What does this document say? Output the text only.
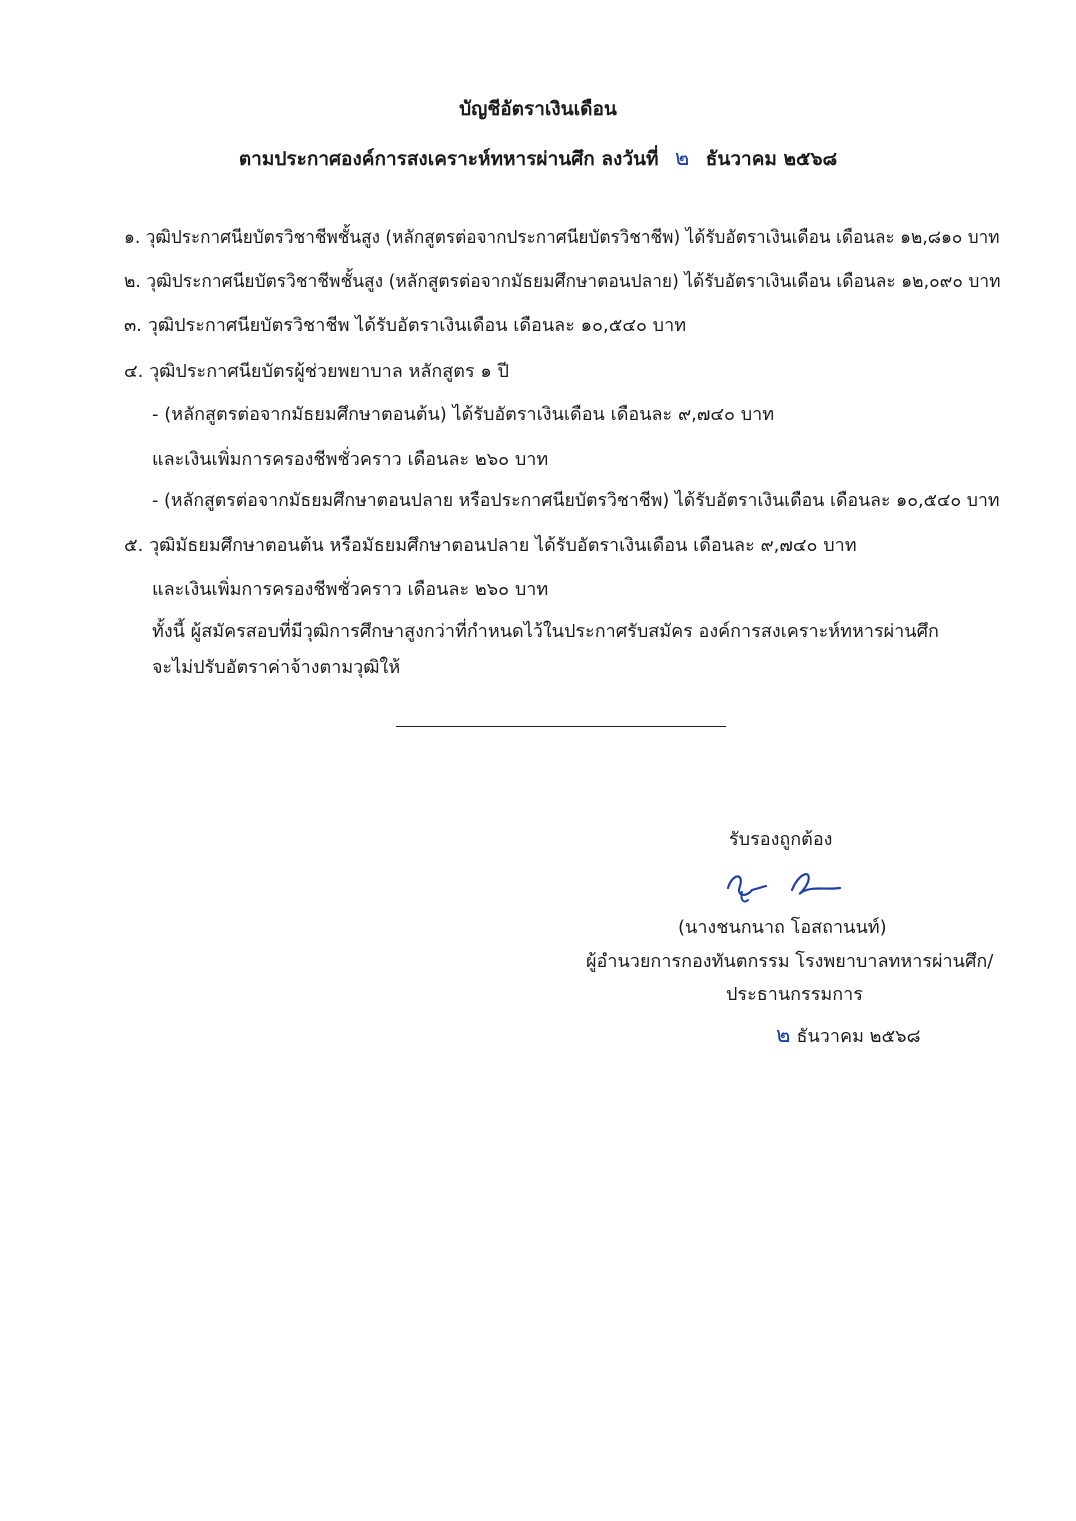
บัญชีอัตราเงินเดือน
ตามประกาศองค์การสงเคราะห์ทหารผ่านศึก ลงวันที่ ๒ ธันวาคม ๒๕๖๘
๑. วุฒิประกาศนียบัตรวิชาชีพชั้นสูง (หลักสูตรต่อจากประกาศนียบัตรวิชาชีพ) ได้รับอัตราเงินเดือน เดือนละ ๑๒,๘๑๐ บาท
๒. วุฒิประกาศนียบัตรวิชาชีพชั้นสูง (หลักสูตรต่อจากมัธยมศึกษาตอนปลาย) ได้รับอัตราเงินเดือน เดือนละ ๑๒,๐๙๐ บาท
๓. วุฒิประกาศนียบัตรวิชาชีพ ได้รับอัตราเงินเดือน เดือนละ ๑๐,๕๔๐ บาท
๔. วุฒิประกาศนียบัตรผู้ช่วยพยาบาล หลักสูตร ๑ ปี
- (หลักสูตรต่อจากมัธยมศึกษาตอนต้น) ได้รับอัตราเงินเดือน เดือนละ ๙,๗๔๐ บาท
และเงินเพิ่มการครองชีพชั่วคราว เดือนละ ๒๖๐ บาท
- (หลักสูตรต่อจากมัธยมศึกษาตอนปลาย หรือประกาศนียบัตรวิชาชีพ) ได้รับอัตราเงินเดือน เดือนละ ๑๐,๕๔๐ บาท
๕. วุฒิมัธยมศึกษาตอนต้น หรือมัธยมศึกษาตอนปลาย ได้รับอัตราเงินเดือน เดือนละ ๙,๗๔๐ บาท
และเงินเพิ่มการครองชีพชั่วคราว เดือนละ ๒๖๐ บาท
ทั้งนี้ ผู้สมัครสอบที่มีวุฒิการศึกษาสูงกว่าที่กำหนดไว้ในประกาศรับสมัคร องค์การสงเคราะห์ทหารผ่านศึก
จะไม่ปรับอัตราค่าจ้างตามวุฒิให้
รับรองถูกต้อง
(นางชนกนาถ โอสถานนท์)
ผู้อำนวยการกองทันตกรรม โรงพยาบาลทหารผ่านศึก/
ประธานกรรมการ
๒ ธันวาคม ๒๕๖๘
